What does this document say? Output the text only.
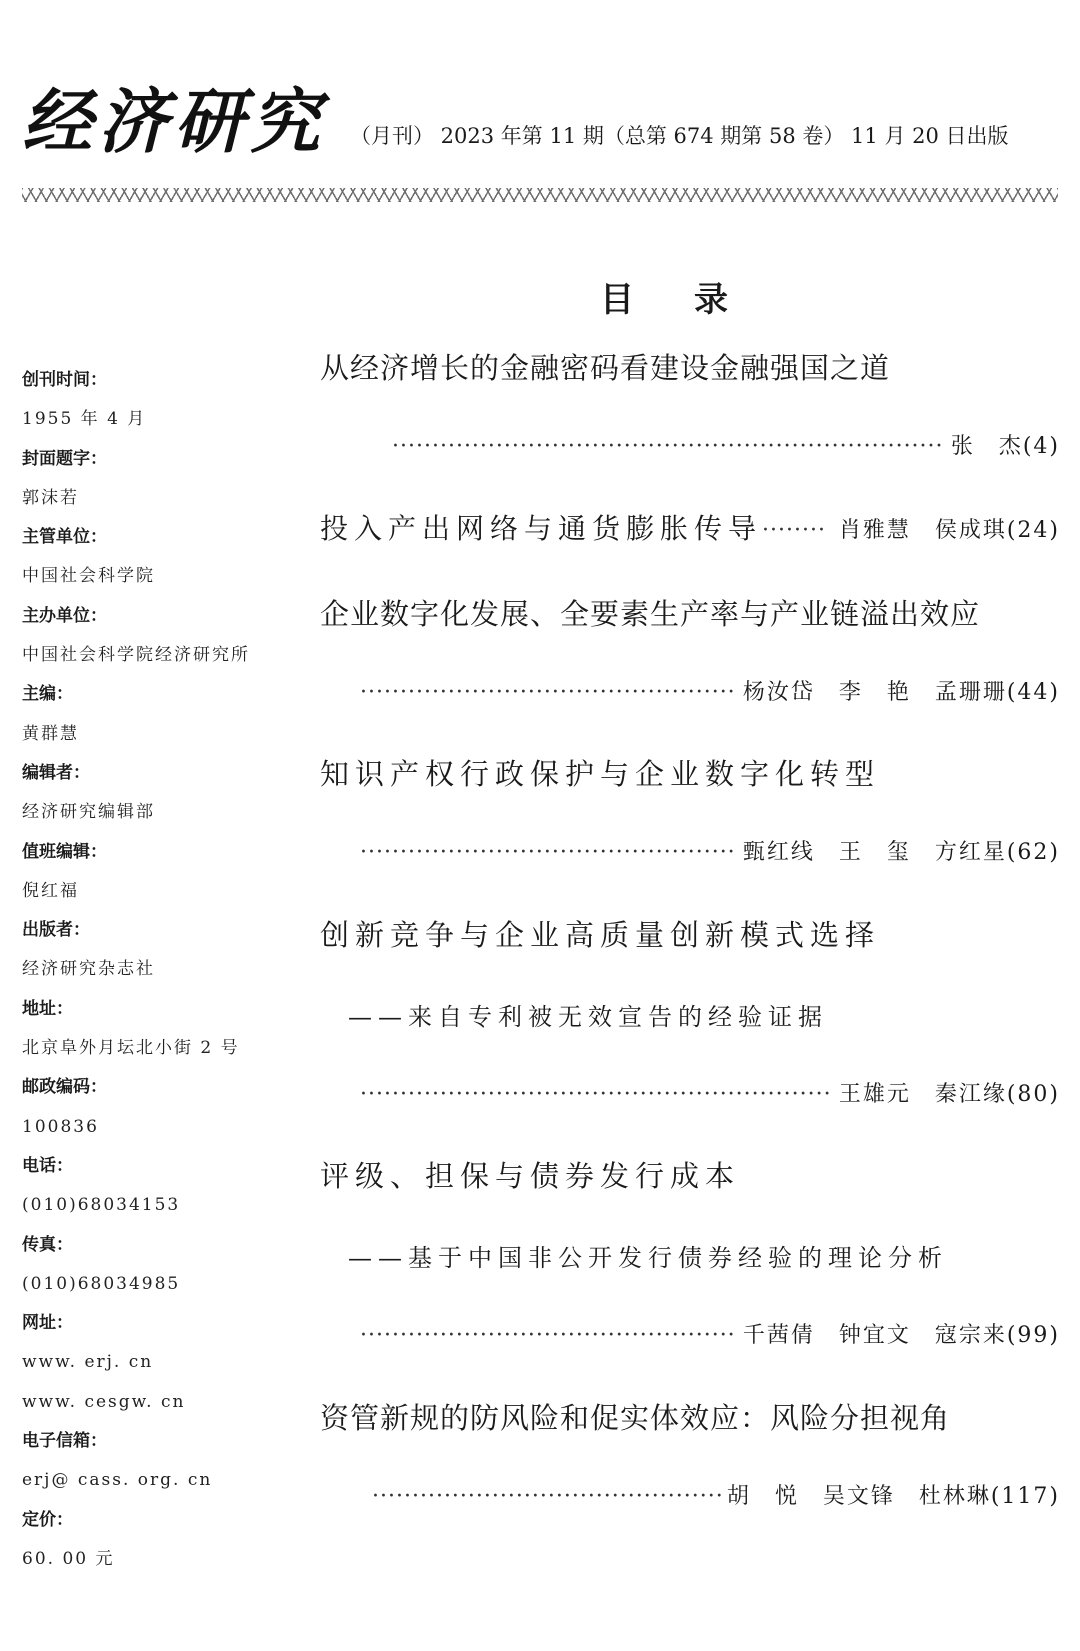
经济研究 （月刊） 2023 年第 11 期（总第 674 期第 58 卷） 11 月 20 日出版
目录
创刊时间：
1955 年 4 月
封面题字：
郭沫若
主管单位：
中国社会科学院
主办单位：
中国社会科学院经济研究所
主编：
黄群慧
编辑者：
经济研究编辑部
值班编辑：
倪红福
出版者：
经济研究杂志社
地址：
北京阜外月坛北小街 2 号
邮政编码：
100836
电话：
(010)68034153
传真：
(010)68034985
网址：
www. erj. cn
www. cesgw. cn
电子信箱：
erj@ cass. org. cn
定价：
60. 00 元
从经济增长的金融密码看建设金融强国之道
·····
张　杰(4)
投入产出网络与通货膨胀传导
·····	肖雅慧　侯成琪(24)
企业数字化发展、全要素生产率与产业链溢出效应
·····
杨汝岱　李　艳　孟珊珊(44)
知识产权行政保护与企业数字化转型
·····
甄红线　王　玺　方红星(62)
创新竞争与企业高质量创新模式选择
——来自专利被无效宣告的经验证据
·····
王雄元　秦江缘(80)
评级、担保与债券发行成本
——基于中国非公开发行债券经验的理论分析
·····
千茜倩　钟宜文　寇宗来(99)
资管新规的防风险和促实体效应：风险分担视角
·····
胡　悦　吴文锋　杜林琳(117)
